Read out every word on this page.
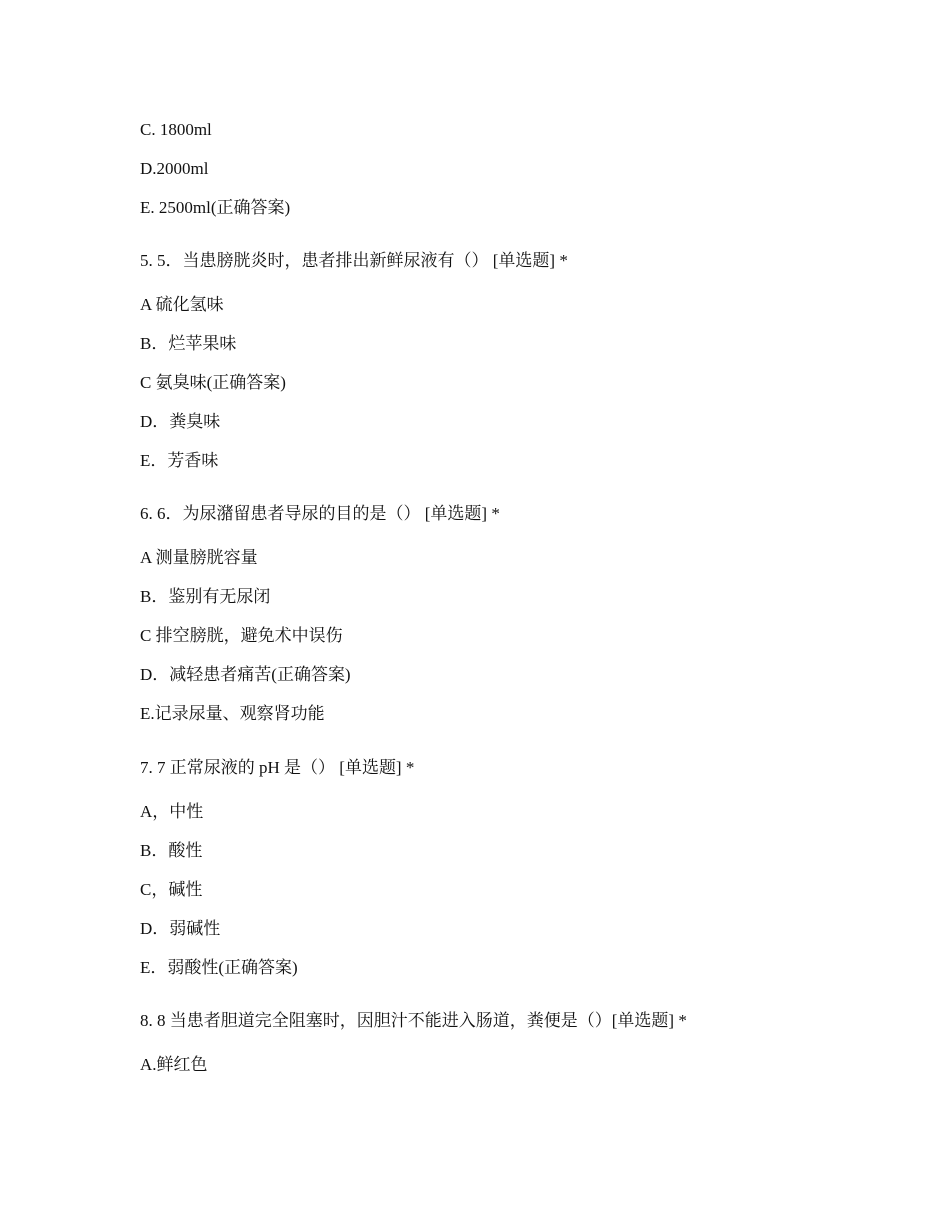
C. 1800ml
D.2000ml
E. 2500ml(正确答案)
5. 5．当患膀胱炎时，患者排出新鲜尿液有（） [单选题] *
A 硫化氢味
B．烂苹果味
C 氨臭味(正确答案)
D．粪臭味
E．芳香味
6. 6．为尿潴留患者导尿的目的是（） [单选题] *
A 测量膀胱容量
B．鉴别有无尿闭
C 排空膀胱，避免术中误伤
D．减轻患者痛苦(正确答案)
E.记录尿量、观察肾功能
7. 7 正常尿液的 pH 是（） [单选题] *
A，中性
B．酸性
C，碱性
D．弱碱性
E．弱酸性(正确答案)
8. 8 当患者胆道完全阻塞时，因胆汁不能进入肠道，粪便是（）[单选题] *
A.鲜红色
